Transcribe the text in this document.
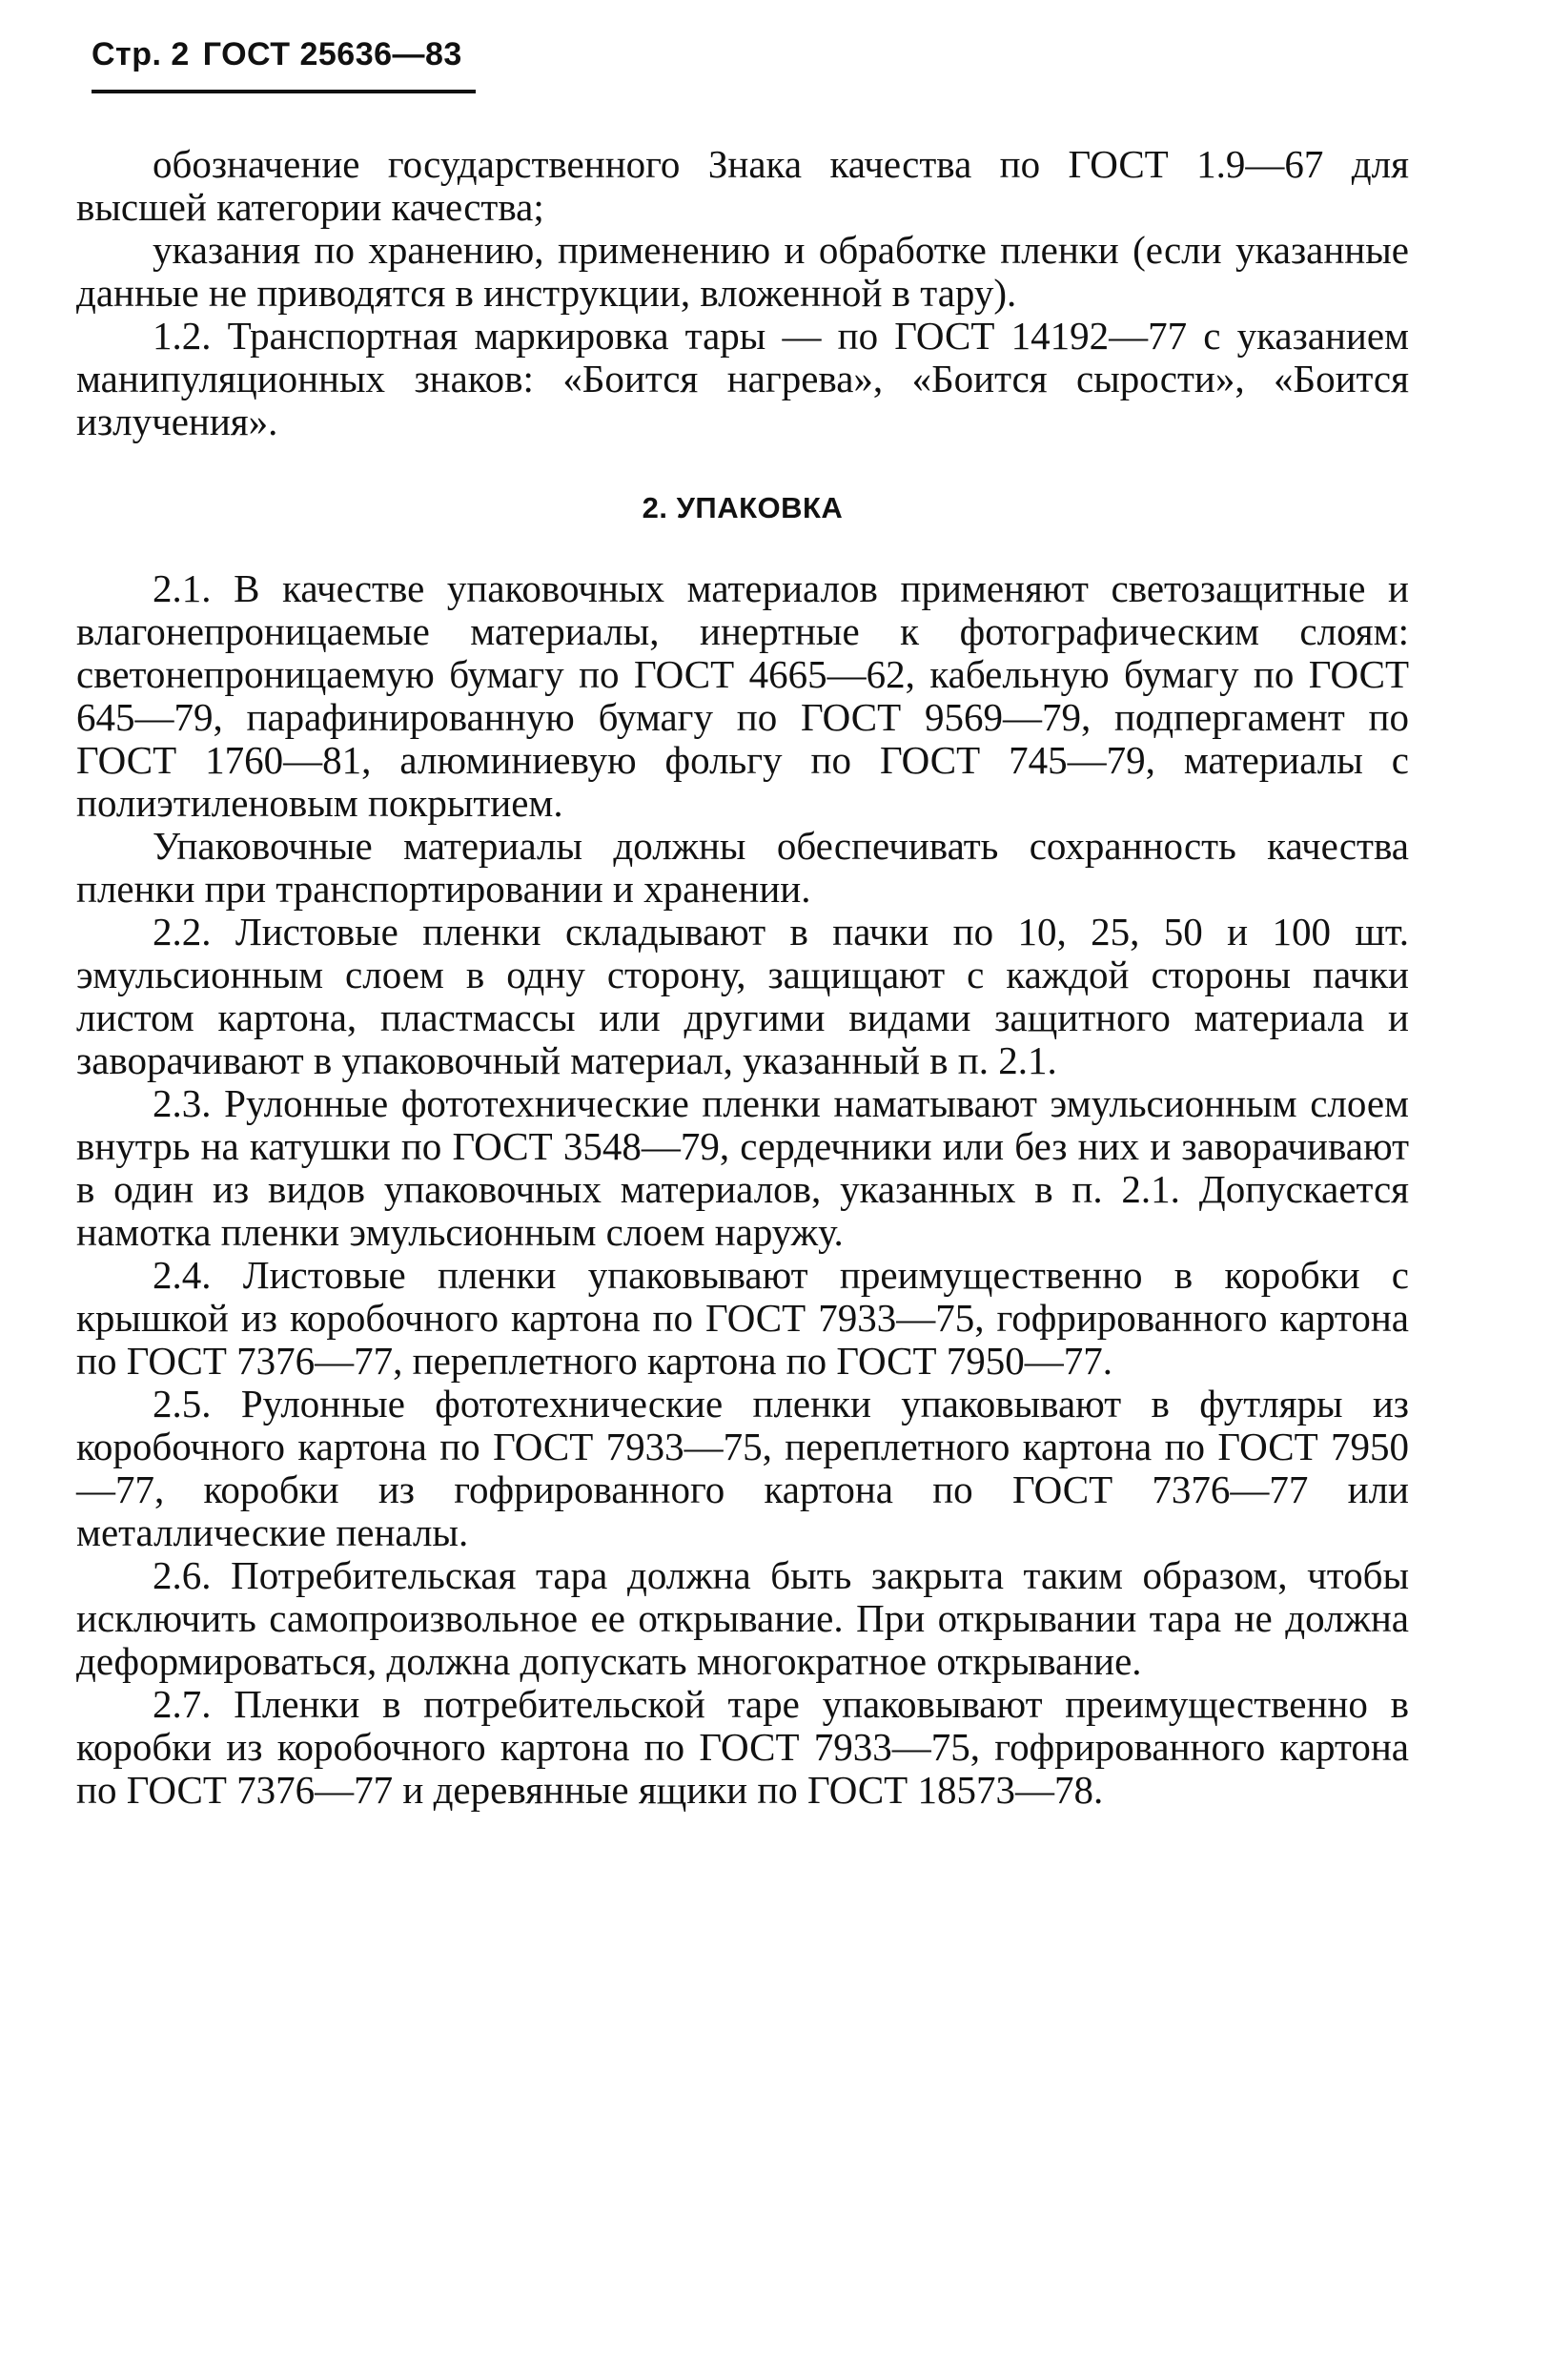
Стр. 2 ГОСТ 25636—83

обозначение государственного Знака качества по ГОСТ 1.9—67 для высшей категории качества;

указания по хранению, применению и обработке пленки (если указанные данные не приводятся в инструкции, вложенной в тару).

1.2. Транспортная маркировка тары — по ГОСТ 14192—77 с указанием манипуляционных знаков: «Боится нагрева», «Боится сырости», «Боится излучения».

2. УПАКОВКА

2.1. В качестве упаковочных материалов применяют светозащитные и влагонепроницаемые материалы, инертные к фотографическим слоям: светонепроницаемую бумагу по ГОСТ 4665—62, кабельную бумагу по ГОСТ 645—79, парафинированную бумагу по ГОСТ 9569—79, подпергамент по ГОСТ 1760—81, алюминиевую фольгу по ГОСТ 745—79, материалы с полиэтиленовым покрытием.

Упаковочные материалы должны обеспечивать сохранность качества пленки при транспортировании и хранении.

2.2. Листовые пленки складывают в пачки по 10, 25, 50 и 100 шт. эмульсионным слоем в одну сторону, защищают с каждой стороны пачки листом картона, пластмассы или другими видами защитного материала и заворачивают в упаковочный материал, указанный в п. 2.1.

2.3. Рулонные фототехнические пленки наматывают эмульсионным слоем внутрь на катушки по ГОСТ 3548—79, сердечники или без них и заворачивают в один из видов упаковочных материалов, указанных в п. 2.1. Допускается намотка пленки эмульсионным слоем наружу.

2.4. Листовые пленки упаковывают преимущественно в коробки с крышкой из коробочного картона по ГОСТ 7933—75, гофрированного картона по ГОСТ 7376—77, переплетного картона по ГОСТ 7950—77.

2.5. Рулонные фототехнические пленки упаковывают в футляры из коробочного картона по ГОСТ 7933—75, переплетного картона по ГОСТ 7950—77, коробки из гофрированного картона по ГОСТ 7376—77 или металлические пеналы.

2.6. Потребительская тара должна быть закрыта таким образом, чтобы исключить самопроизвольное ее открывание. При открывании тара не должна деформироваться, должна допускать многократное открывание.

2.7. Пленки в потребительской таре упаковывают преимущественно в коробки из коробочного картона по ГОСТ 7933—75, гофрированного картона по ГОСТ 7376—77 и деревянные ящики по ГОСТ 18573—78.
